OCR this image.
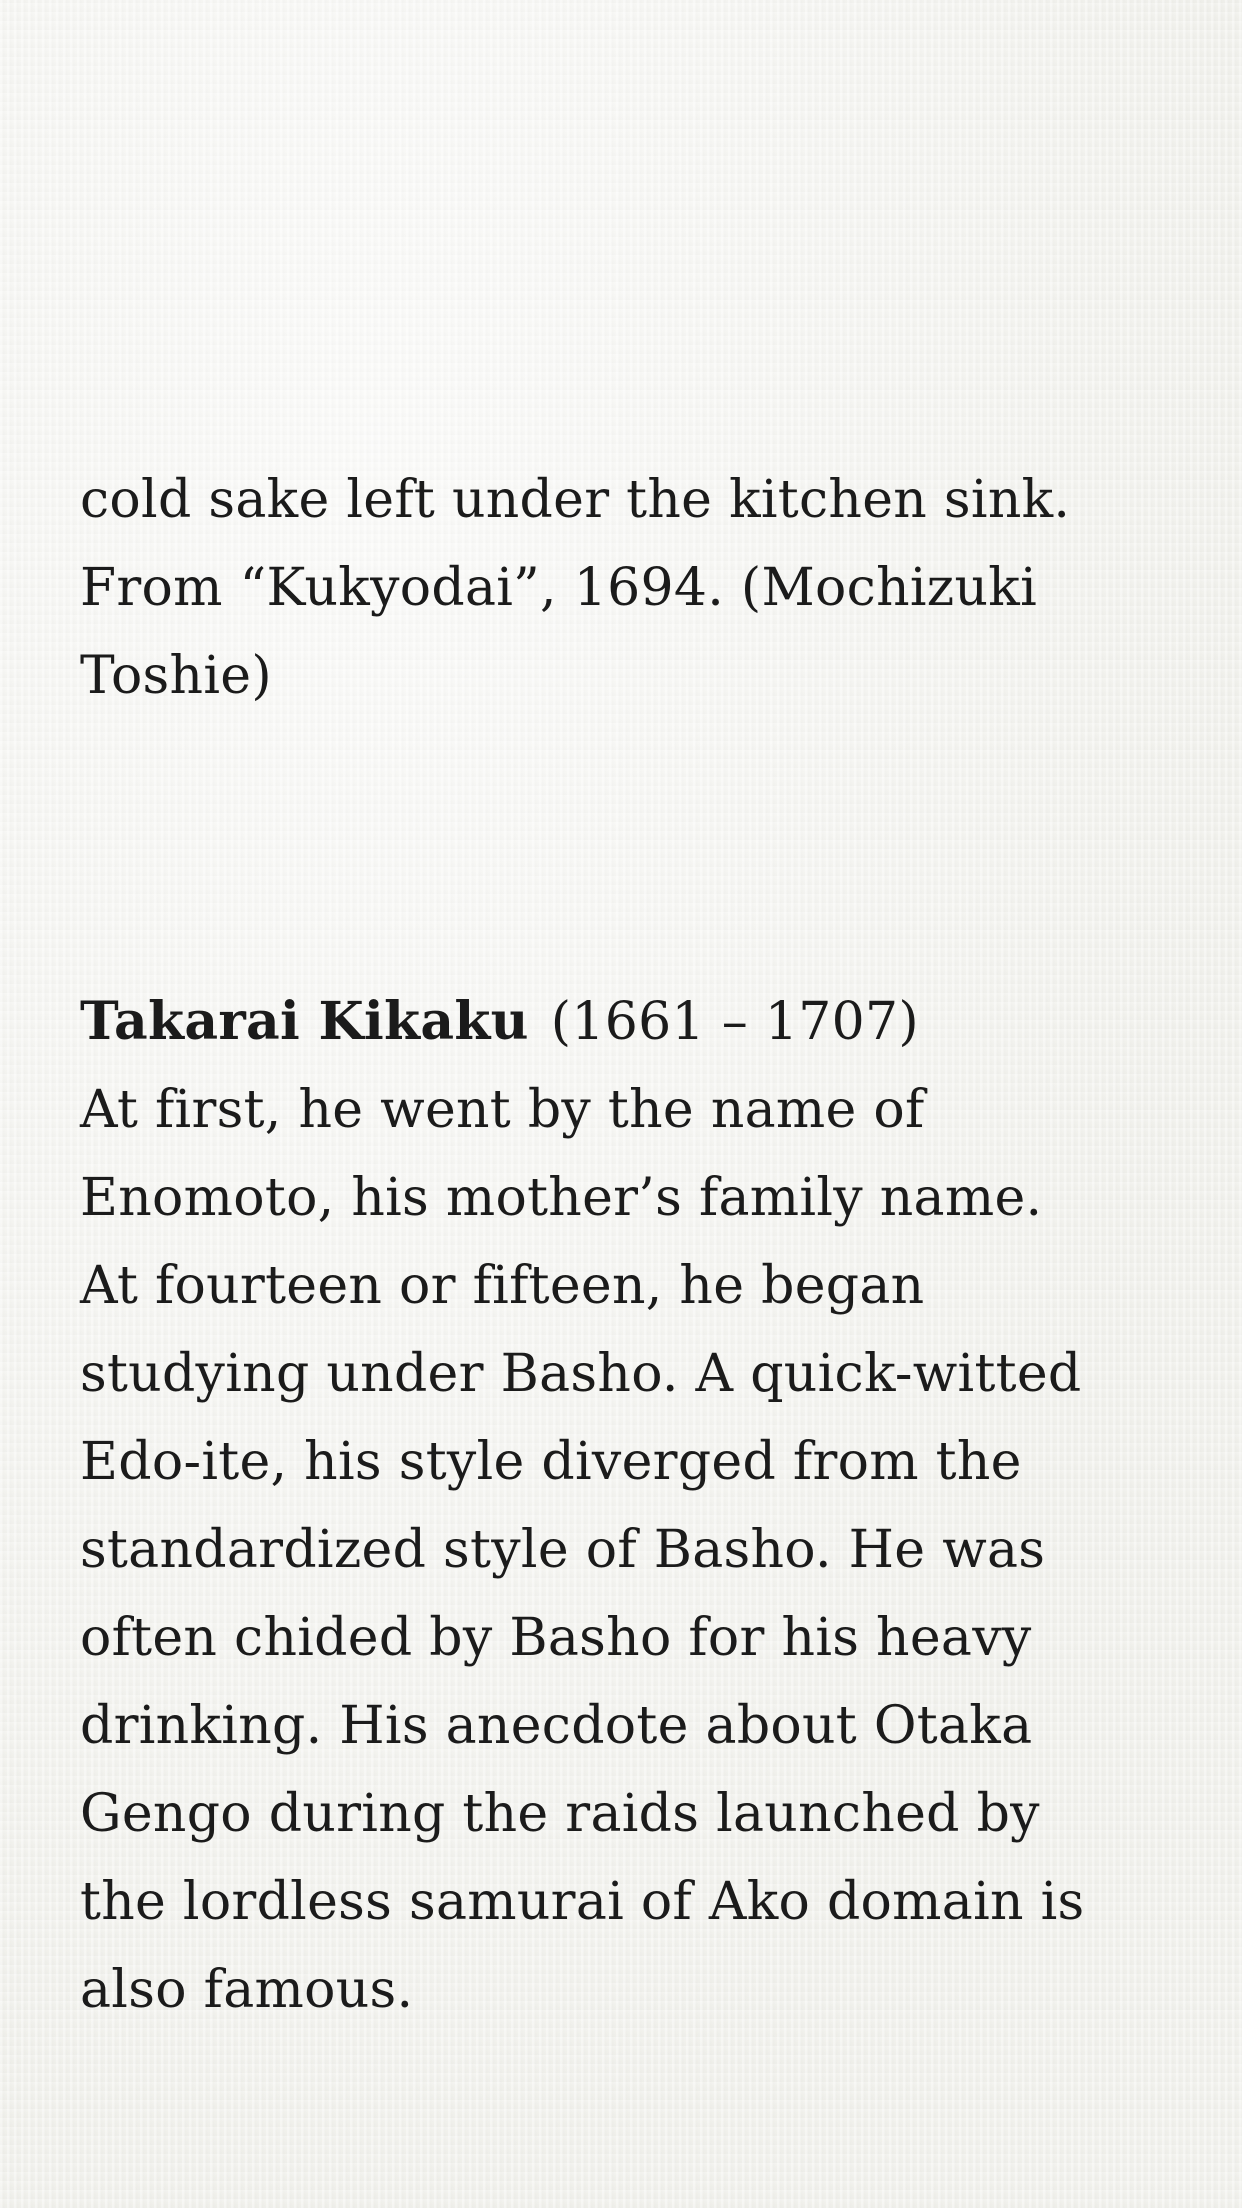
cold sake left under the kitchen sink.
From “Kukyodai”, 1694. (Mochizuki
Toshie)
Takarai Kikaku (1661 – 1707)
At first, he went by the name of
Enomoto, his mother’s family name.
At fourteen or fifteen, he began
studying under Basho. A quick-witted
Edo-ite, his style diverged from the
standardized style of Basho. He was
often chided by Basho for his heavy
drinking. His anecdote about Otaka
Gengo during the raids launched by
the lordless samurai of Ako domain is
also famous.
